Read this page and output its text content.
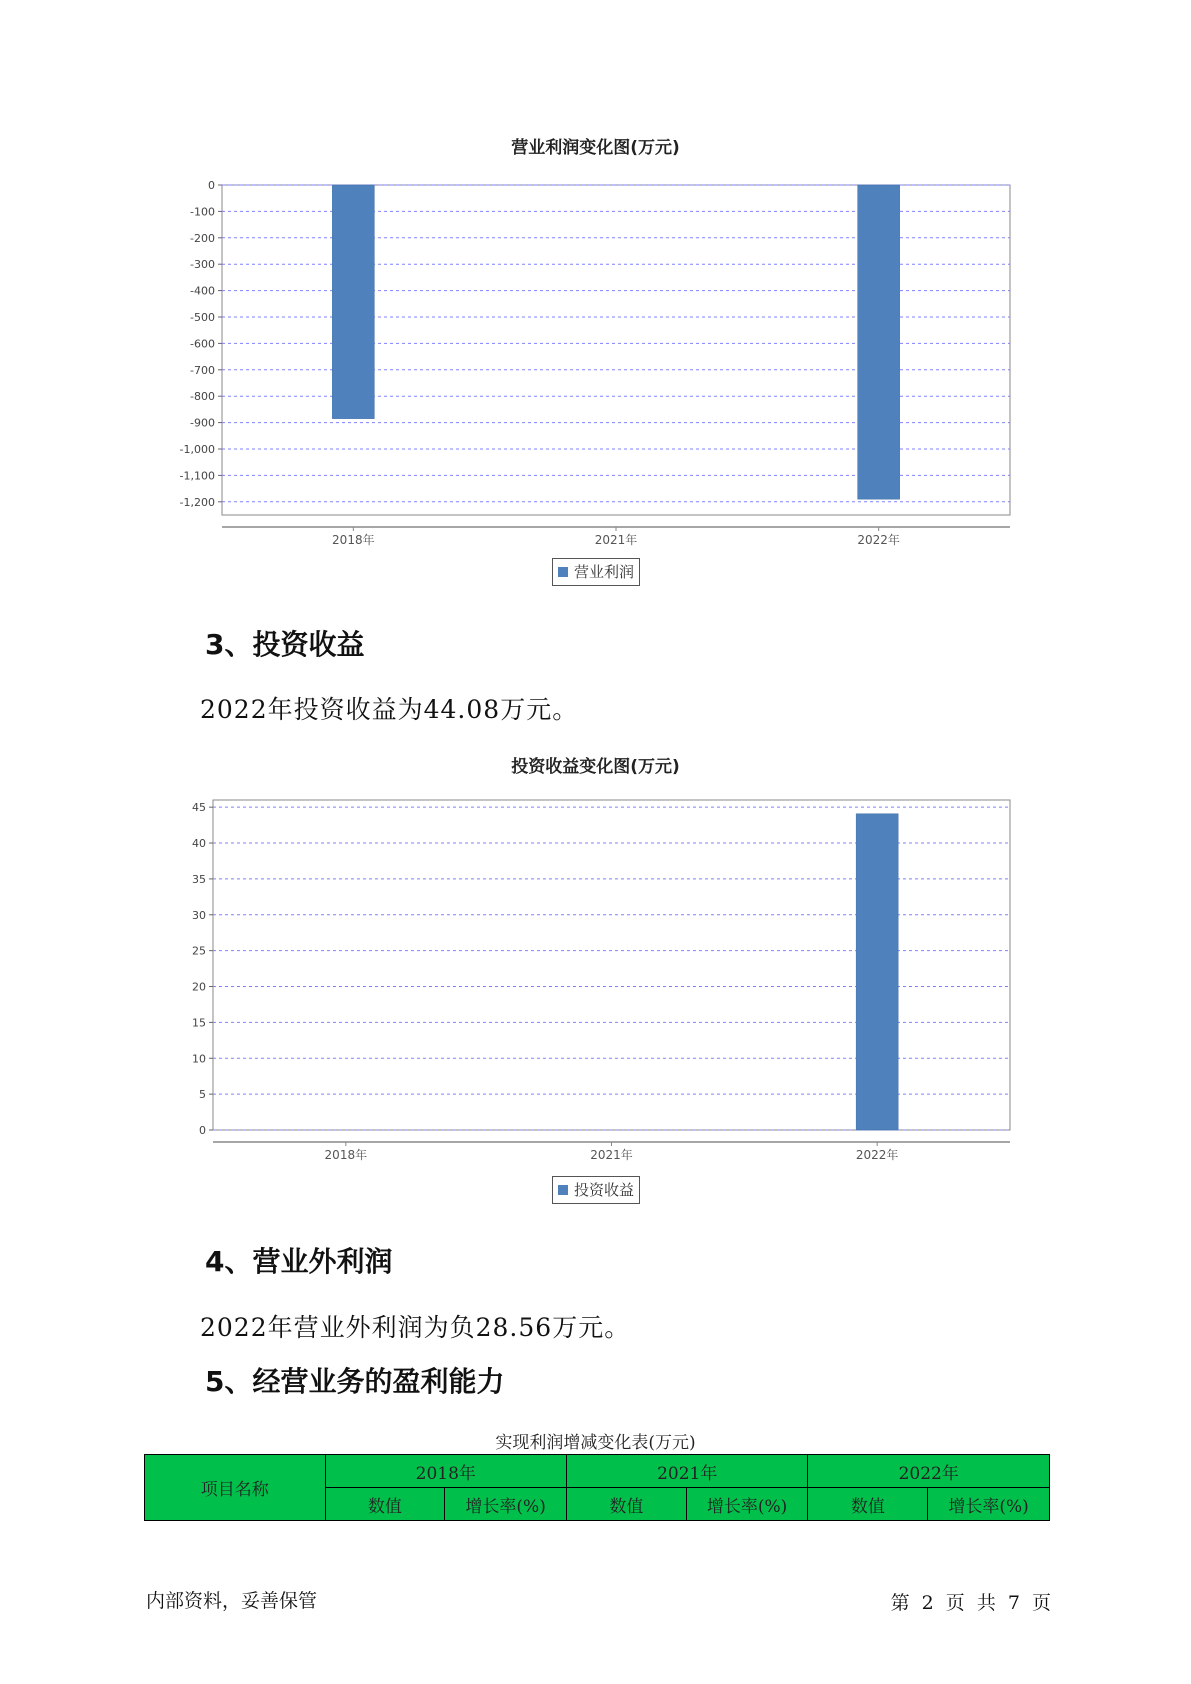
营业利润变化图(万元)
0
-100
-200
-300
-400
-500
-600
-700
-800
-900
-1,000
-1,100
-1,200
2018年	2021年	2022年
营业利润
3、投资收益
2022年投资收益为44.08万元。
投资收益变化图(万元)
0
5
10
15
20
25
30
35
40
45
2018年	2021年	2022年
投资收益
4、营业外利润
2022年营业外利润为负28.56万元。
5、经营业务的盈利能力
实现利润增减变化表(万元)
项目名称	2018年		2021年		2022年	
	数值	增长率(%)	数值	增长率(%)	数值	增长率(%)
内部资料，妥善保管	第 2 页 共 7 页
